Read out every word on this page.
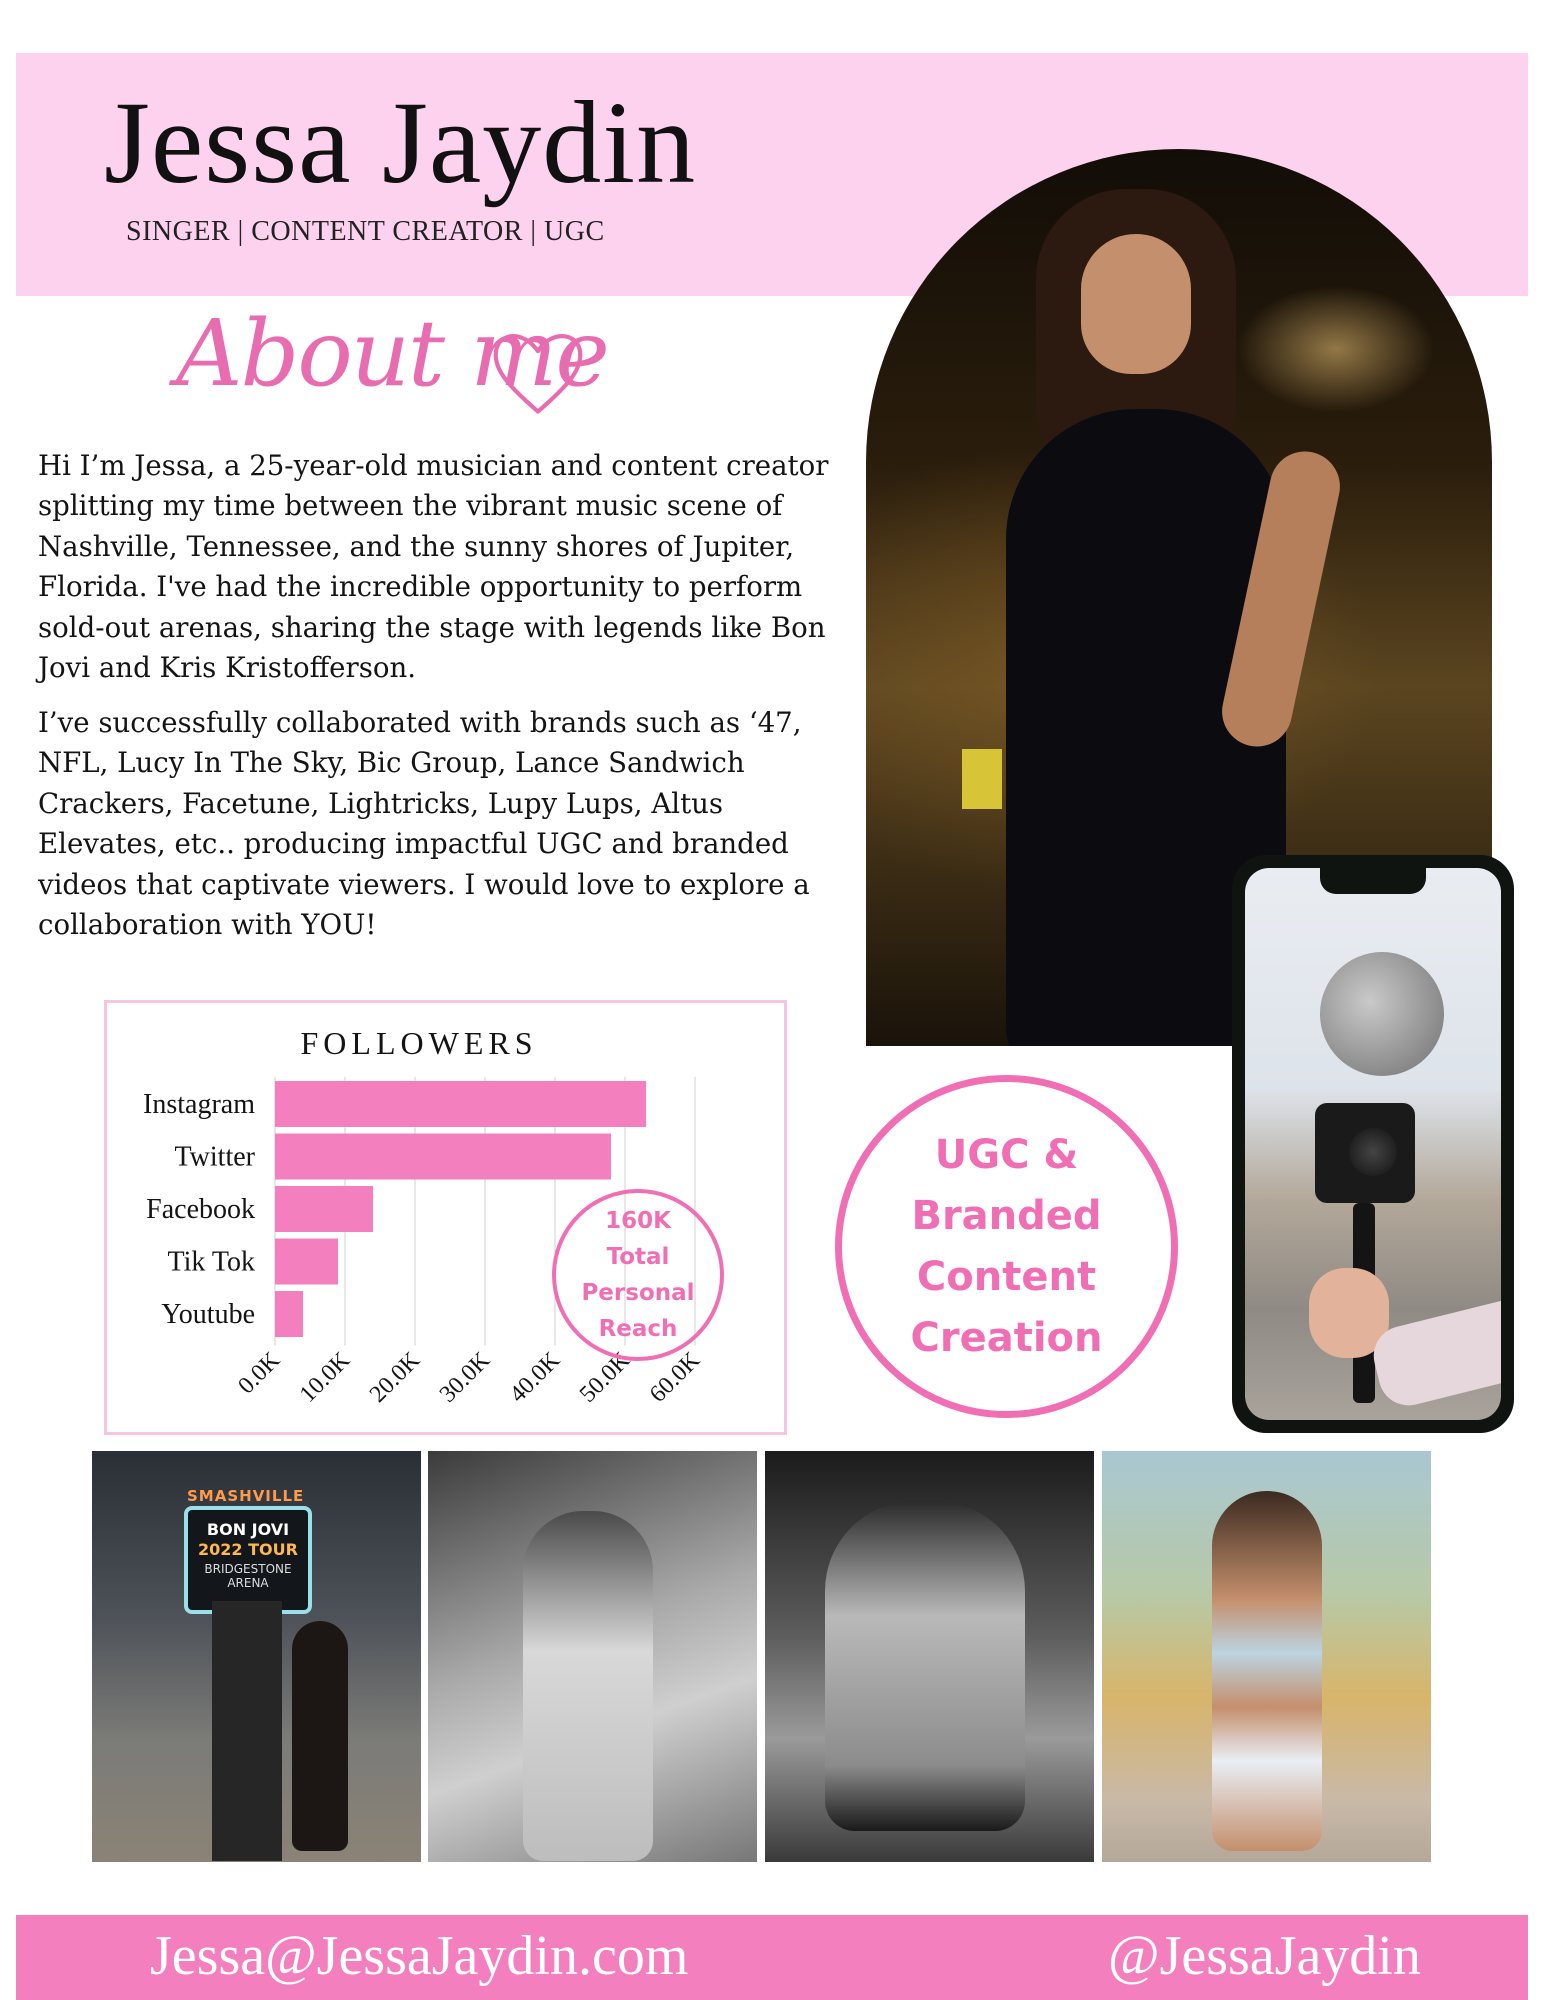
Jessa Jaydin
SINGER | CONTENT CREATOR | UGC
About me

Hi I’m Jessa, a 25-year-old musician and content creator splitting my time between the vibrant music scene of Nashville, Tennessee, and the sunny shores of Jupiter, Florida. I've had the incredible opportunity to perform sold-out arenas, sharing the stage with legends like Bon Jovi and Kris Kristofferson.

I’ve successfully collaborated with brands such as ‘47, NFL, Lucy In The Sky, Bic Group, Lance Sandwich Crackers, Facetune, Lightricks, Lupy Lups, Altus Elevates, etc.. producing impactful UGC and branded videos that captivate viewers. I would love to explore a collaboration with YOU!

FOLLOWERS
Instagram
Twitter
Facebook
Tik Tok
Youtube
0.0K 10.0K 20.0K 30.0K 40.0K 50.0K 60.0K
160K
Total
Personal
Reach
UGC &
Branded
Content
Creation
SMASHVILLE
BON JOVI
2022 TOUR
BRIDGESTONE ARENA
Jessa@JessaJaydin.com	@JessaJaydin
